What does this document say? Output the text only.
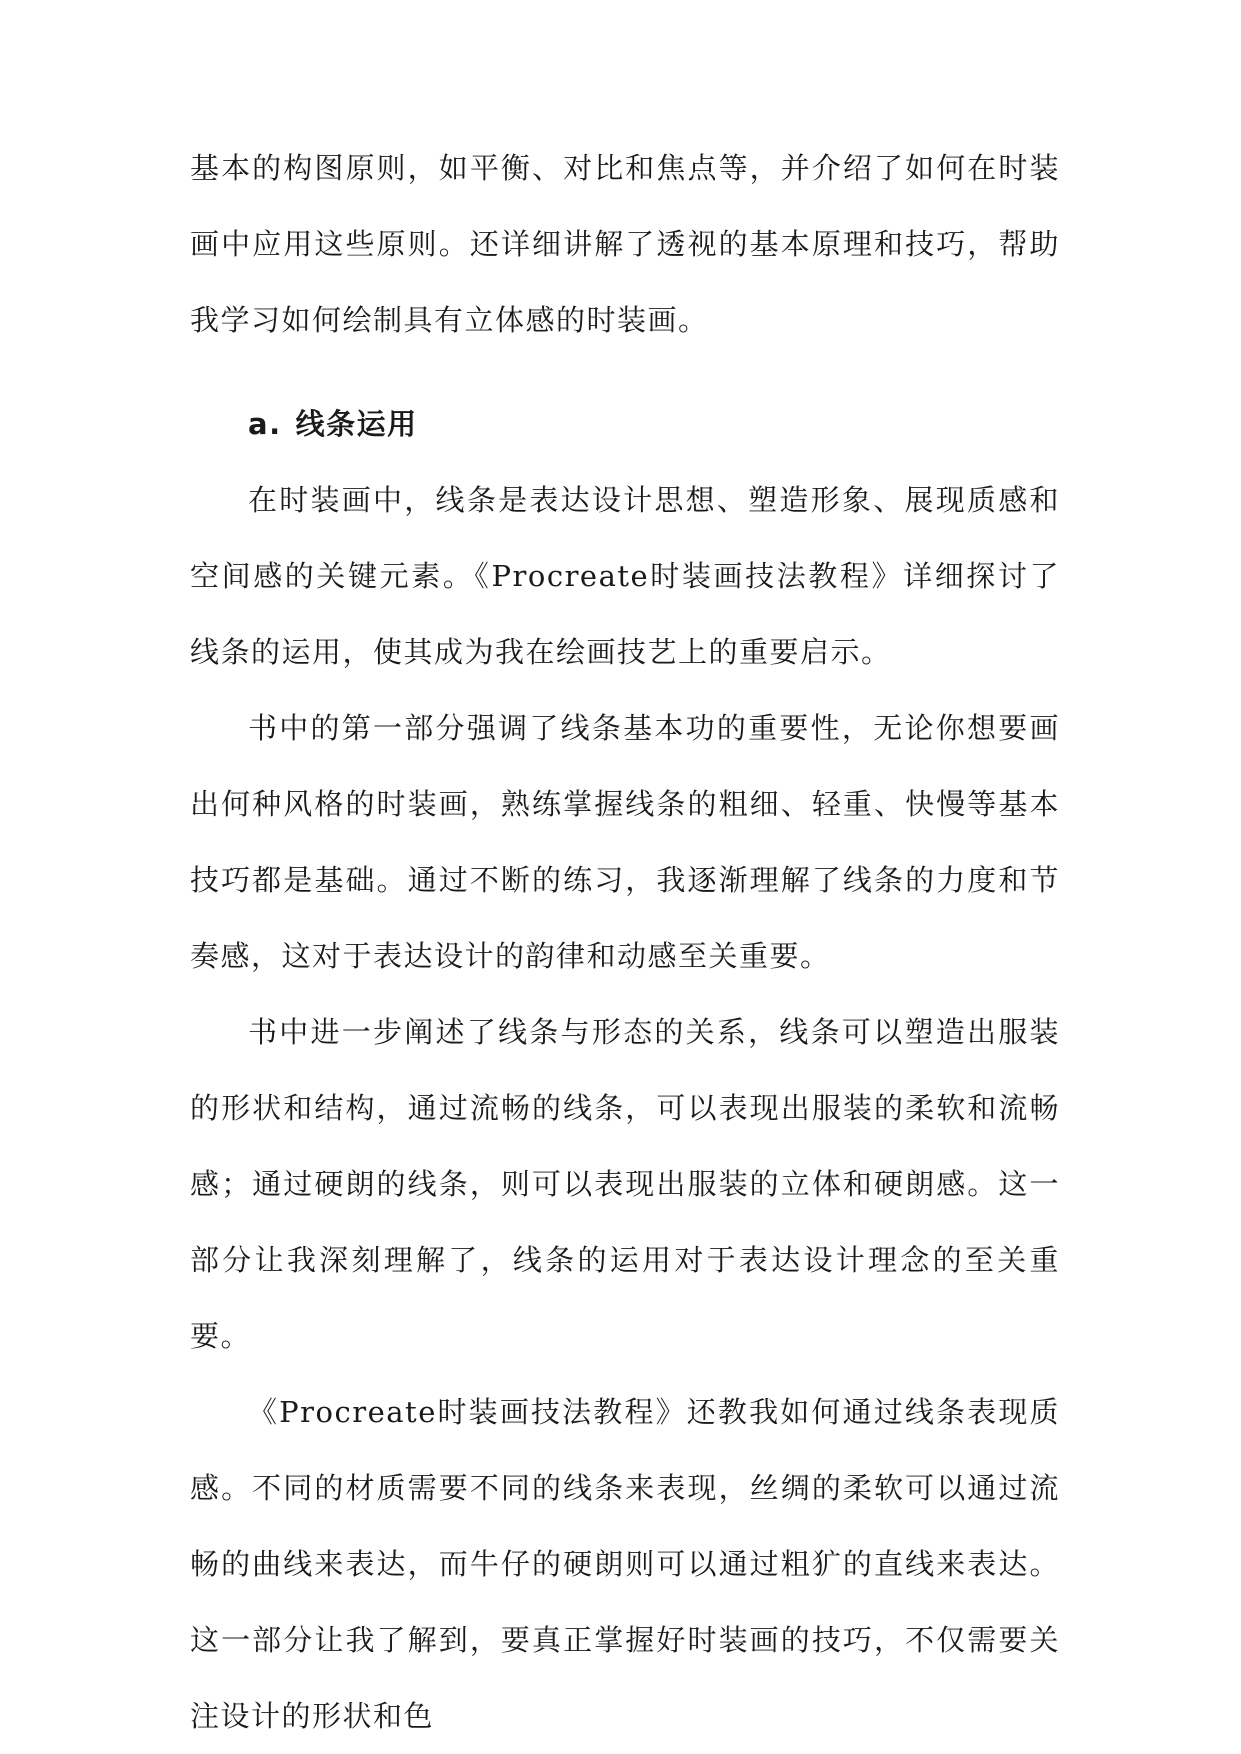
基本的构图原则，如平衡、对比和焦点等，并介绍了如何在时装画中应用这些原则。还详细讲解了透视的基本原理和技巧，帮助我学习如何绘制具有立体感的时装画。

a. 线条运用

在时装画中，线条是表达设计思想、塑造形象、展现质感和空间感的关键元素。《Procreate时装画技法教程》详细探讨了线条的运用，使其成为我在绘画技艺上的重要启示。

书中的第一部分强调了线条基本功的重要性，无论你想要画出何种风格的时装画，熟练掌握线条的粗细、轻重、快慢等基本技巧都是基础。通过不断的练习，我逐渐理解了线条的力度和节奏感，这对于表达设计的韵律和动感至关重要。

书中进一步阐述了线条与形态的关系，线条可以塑造出服装的形状和结构，通过流畅的线条，可以表现出服装的柔软和流畅感；通过硬朗的线条，则可以表现出服装的立体和硬朗感。这一部分让我深刻理解了，线条的运用对于表达设计理念的至关重要。

《Procreate时装画技法教程》还教我如何通过线条表现质感。不同的材质需要不同的线条来表现，丝绸的柔软可以通过流畅的曲线来表达，而牛仔的硬朗则可以通过粗犷的直线来表达。这一部分让我了解到，要真正掌握好时装画的技巧，不仅需要关注设计的形状和色
